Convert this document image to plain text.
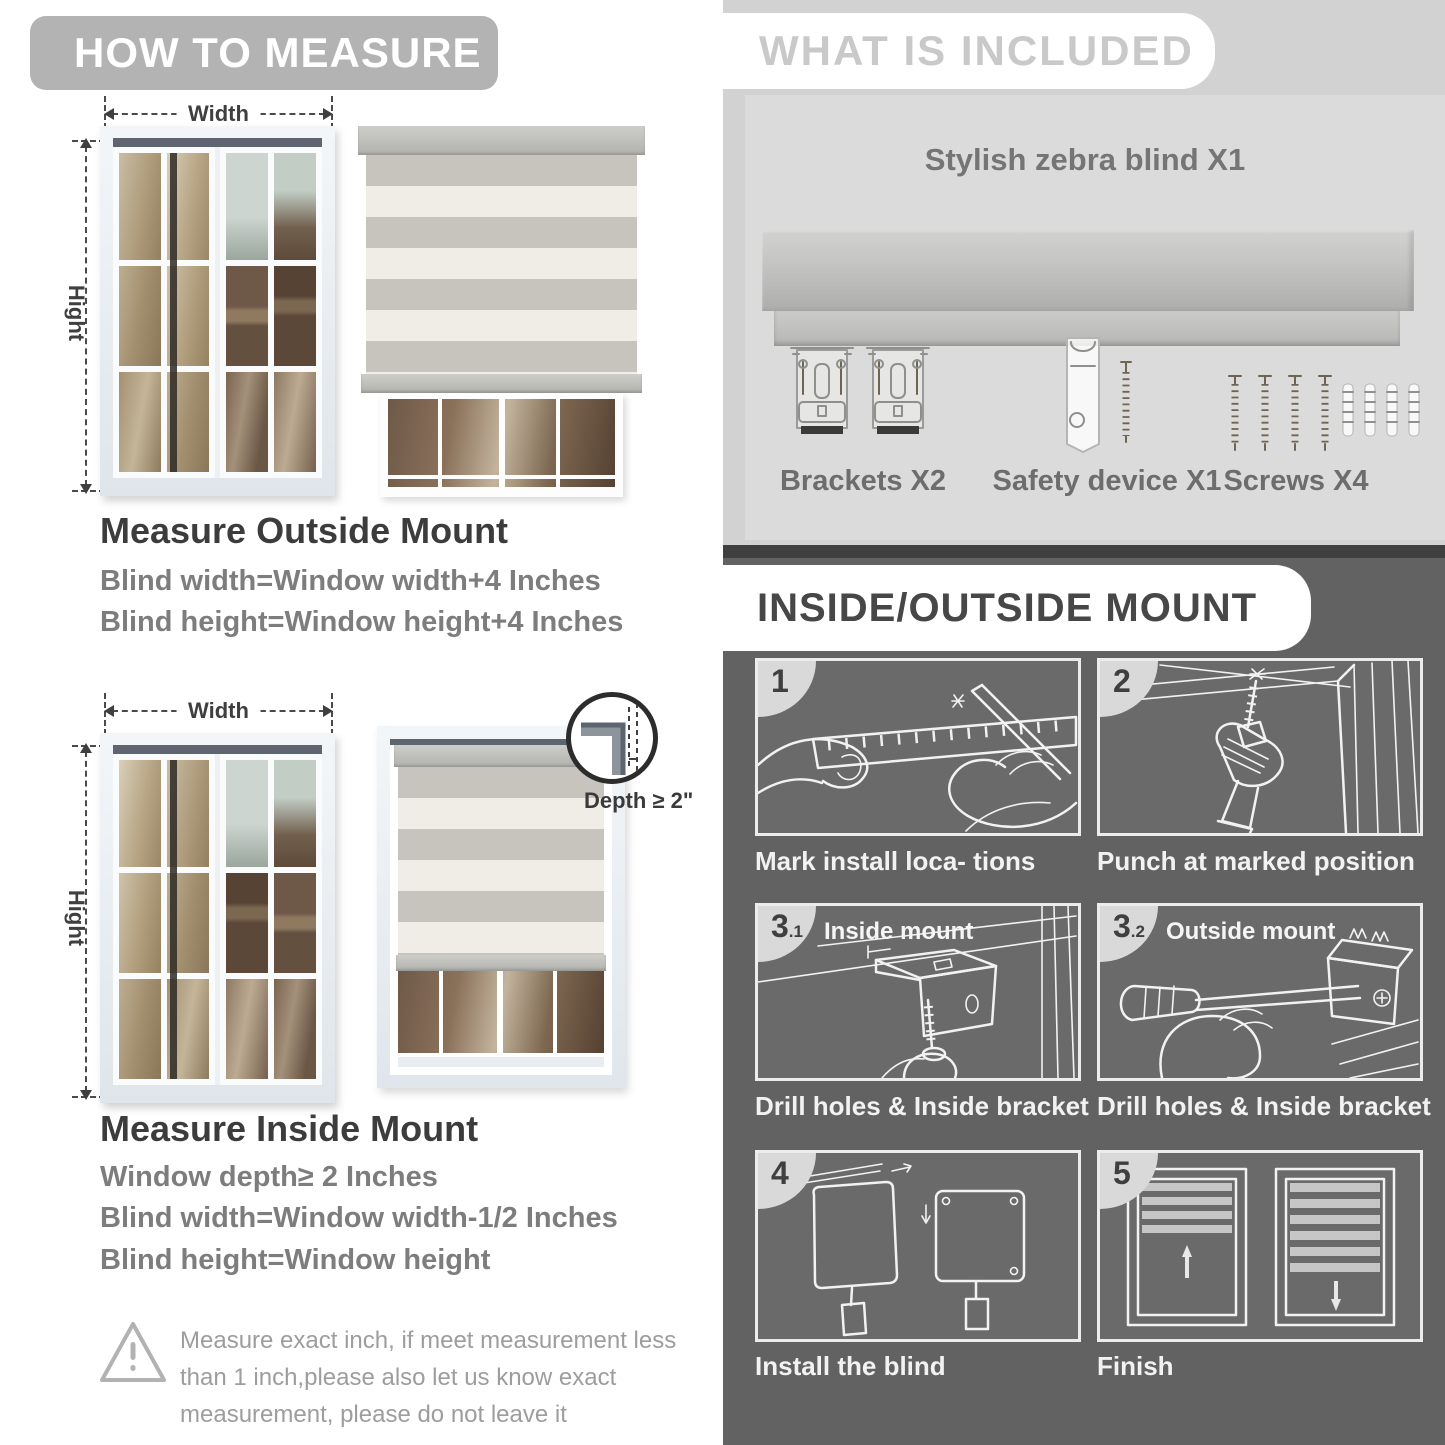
HOW TO MEASURE
Width
Hight
Measure Outside Mount
Blind width=Window width+4 Inches
Blind height=Window height+4 Inches
Width
Hight
Depth ≥ 2"
Measure Inside Mount
Window depth≥ 2 Inches
Blind width=Window width-1/2 Inches
Blind height=Window height
Measure exact inch, if meet measurement less
than 1 inch,please also let us know exact
measurement, please do not leave it
WHAT IS INCLUDED
Stylish zebra blind X1
Brackets X2	Safety device X1 Screws X4
INSIDE/OUTSIDE MOUNT
1
Mark install loca- tions
2
Punch at marked position
3.1 Inside mount
Drill holes & Inside bracket
3.2 Outside mount
Drill holes & Inside bracket
4
Install the blind
5
Finish
